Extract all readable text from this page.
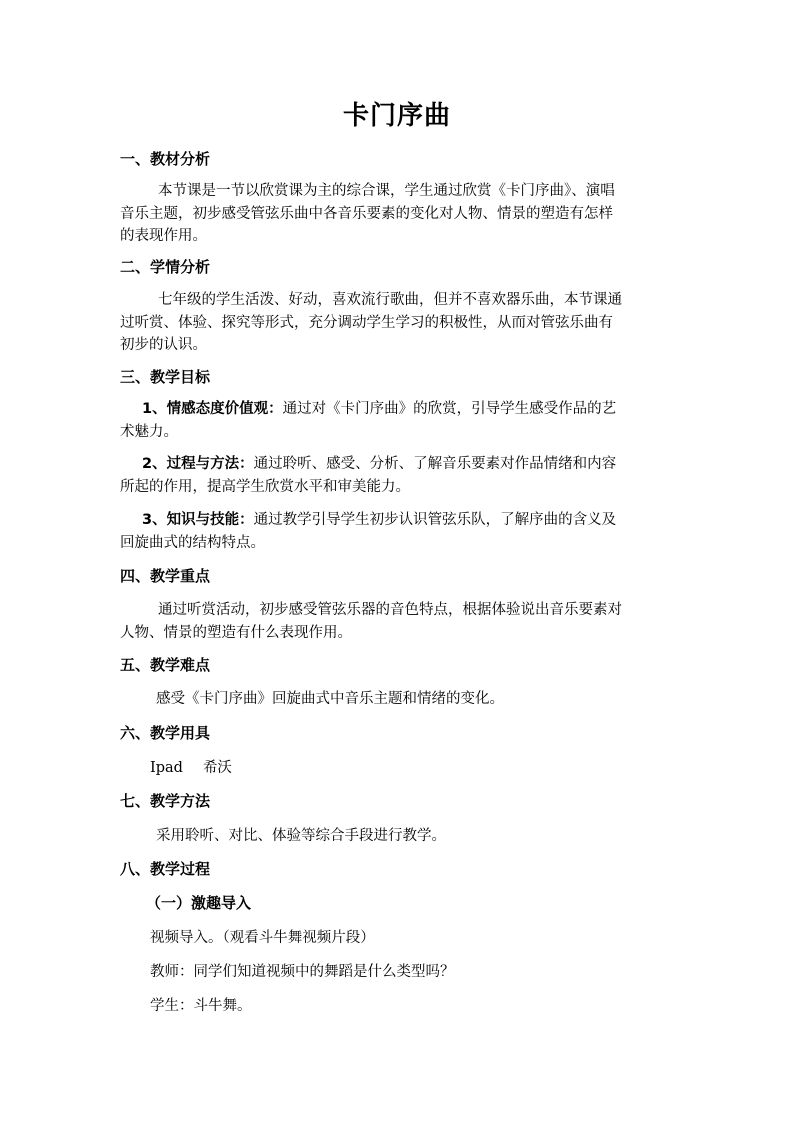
卡门序曲
一、教材分析
本节课是一节以欣赏课为主的综合课，学生通过欣赏《卡门序曲》、演唱
音乐主题，初步感受管弦乐曲中各音乐要素的变化对人物、情景的塑造有怎样
的表现作用。
二、学情分析
七年级的学生活泼、好动，喜欢流行歌曲，但并不喜欢器乐曲，本节课通
过听赏、体验、探究等形式，充分调动学生学习的积极性，从而对管弦乐曲有
初步的认识。
三、教学目标
1、情感态度价值观：通过对《卡门序曲》的欣赏，引导学生感受作品的艺
术魅力。
2、过程与方法：通过聆听、感受、分析、了解音乐要素对作品情绪和内容
所起的作用，提高学生欣赏水平和审美能力。
3、知识与技能：通过教学引导学生初步认识管弦乐队，了解序曲的含义及
回旋曲式的结构特点。
四、教学重点
通过听赏活动，初步感受管弦乐器的音色特点，根据体验说出音乐要素对
人物、情景的塑造有什么表现作用。
五、教学难点
感受《卡门序曲》回旋曲式中音乐主题和情绪的变化。
六、教学用具
Ipad 希沃
七、教学方法
采用聆听、对比、体验等综合手段进行教学。
八、教学过程
（一）激趣导入
视频导入。（观看斗牛舞视频片段）
教师：同学们知道视频中的舞蹈是什么类型吗？
学生：斗牛舞。
